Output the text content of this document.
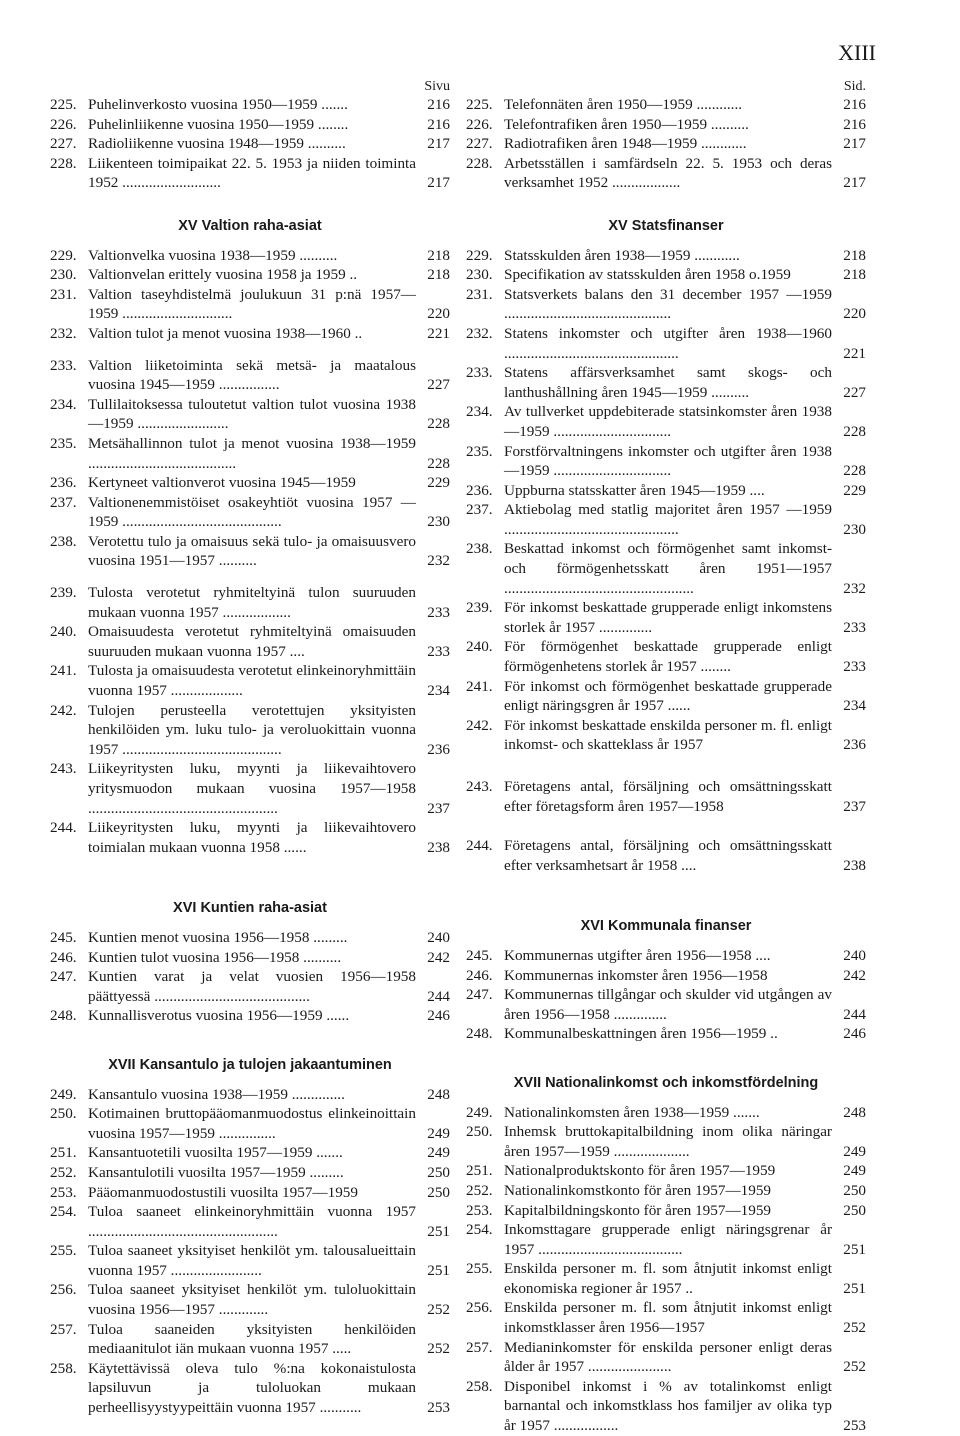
XIII
Sivu
225. Puhelinverkosto vuosina 1950—1959 .......	216
226. Puhelinliikenne vuosina 1950—1959 ........	216
227. Radioliikenne vuosina 1948—1959 ..........	217
228. Liikenteen toimipaikat 22. 5. 1953 ja niiden toiminta 1952 ..........................	217
XV Valtion raha-asiat
229. Valtionvelka vuosina 1938—1959 ..........	218
230. Valtionvelan erittely vuosina 1958 ja 1959 ..	218
231. Valtion taseyhdistelmä joulukuun 31 p:nä 1957—1959 .............................	220
232. Valtion tulot ja menot vuosina 1938—1960 ..	221
233. Valtion liiketoiminta sekä metsä- ja maatalous vuosina 1945—1959 ................	227
234. Tullilaitoksessa tuloutetut valtion tulot vuosina 1938—1959 ........................	228
235. Metsähallinnon tulot ja menot vuosina 1938—1959 .......................................	228
236. Kertyneet valtionverot vuosina 1945—1959	229
237. Valtionenemmistöiset osakeyhtiöt vuosina 1957 —1959 ..........................................	230
238. Verotettu tulo ja omaisuus sekä tulo- ja omaisuusvero vuosina 1951—1957 ..........	232
239. Tulosta verotetut ryhmiteltyinä tulon suuruuden mukaan vuonna 1957 ..................	233
240. Omaisuudesta verotetut ryhmiteltyinä omaisuuden suuruuden mukaan vuonna 1957 ....	233
241. Tulosta ja omaisuudesta verotetut elinkeinoryhmittäin vuonna 1957 ...................	234
242. Tulojen perusteella verotettujen yksityisten henkilöiden ym. luku tulo- ja veroluokittain vuonna 1957 ..........................................	236
243. Liikeyritysten luku, myynti ja liikevaihtovero yritysmuodon mukaan vuosina 1957—1958 ..................................................	237
244. Liikeyritysten luku, myynti ja liikevaihtovero toimialan mukaan vuonna 1958 ......	238
XVI Kuntien raha-asiat
245. Kuntien menot vuosina 1956—1958 .........	240
246. Kuntien tulot vuosina 1956—1958 ..........	242
247. Kuntien varat ja velat vuosien 1956—1958 päättyessä .........................................	244
248. Kunnallisverotus vuosina 1956—1959 ......	246
XVII Kansantulo ja tulojen jakaantuminen
249. Kansantulo vuosina 1938—1959 ..............	248
250. Kotimainen bruttopääomanmuodostus elinkeinoittain vuosina 1957—1959 ...............	249
251. Kansantuotetili vuosilta 1957—1959 .......	249
252. Kansantulotili vuosilta 1957—1959 .........	250
253. Pääomanmuodostustili vuosilta 1957—1959	250
254. Tuloa saaneet elinkeinoryhmittäin vuonna 1957 ..................................................	251
255. Tuloa saaneet yksityiset henkilöt ym. talousalueittain vuonna 1957 ........................	251
256. Tuloa saaneet yksityiset henkilöt ym. tuloluokittain vuosina 1956—1957 .............	252
257. Tuloa saaneiden yksityisten henkilöiden mediaanitulot iän mukaan vuonna 1957 .....	252
258. Käytettävissä oleva tulo %:na kokonaistulosta lapsiluvun ja tuloluokan mukaan perheellisyystyypeittäin vuonna 1957 ...........	253
Sid.
225. Telefonnäten åren 1950—1959 ............	216
226. Telefontrafiken åren 1950—1959 ..........	216
227. Radiotrafiken åren 1948—1959 ............	217
228. Arbetsställen i samfärdseln 22. 5. 1953 och deras verksamhet 1952 ..................	217
XV Statsfinanser
229. Statsskulden åren 1938—1959 ............	218
230. Specifikation av statsskulden åren 1958 o.1959	218
231. Statsverkets balans den 31 december 1957 —1959 ............................................	220
232. Statens inkomster och utgifter åren 1938—1960 ..............................................	221
233. Statens affärsverksamhet samt skogs- och lanthushållning åren 1945—1959 ..........	227
234. Av tullverket uppdebiterade statsinkomster åren 1938—1959 ...............................	228
235. Forstförvaltningens inkomster och utgifter åren 1938—1959 ...............................	228
236. Uppburna statsskatter åren 1945—1959 ....	229
237. Aktiebolag med statlig majoritet åren 1957 —1959 ..............................................	230
238. Beskattad inkomst och förmögenhet samt inkomst- och förmögenhetsskatt åren 1951—1957 ..................................................	232
239. För inkomst beskattade grupperade enligt inkomstens storlek år 1957 ..............	233
240. För förmögenhet beskattade grupperade enligt förmögenhetens storlek år 1957 ........	233
241. För inkomst och förmögenhet beskattade grupperade enligt näringsgren år 1957 ......	234
242. För inkomst beskattade enskilda personer m. fl. enligt inkomst- och skatteklass år 1957	236
243. Företagens antal, försäljning och omsättningsskatt efter företagsform åren 1957—1958	237
244. Företagens antal, försäljning och omsättningsskatt efter verksamhetsart år 1958 ....	238
XVI Kommunala finanser
245. Kommunernas utgifter åren 1956—1958 ....	240
246. Kommunernas inkomster åren 1956—1958	242
247. Kommunernas tillgångar och skulder vid utgången av åren 1956—1958 ..............	244
248. Kommunalbeskattningen åren 1956—1959 ..	246
XVII Nationalinkomst och inkomstfördelning
249. Nationalinkomsten åren 1938—1959 .......	248
250. Inhemsk bruttokapitalbildning inom olika näringar åren 1957—1959 ....................	249
251. Nationalproduktskonto för åren 1957—1959	249
252. Nationalinkomstkonto för åren 1957—1959	250
253. Kapitalbildningskonto för åren 1957—1959	250
254. Inkomsttagare grupperade enligt näringsgrenar år 1957 ......................................	251
255. Enskilda personer m. fl. som åtnjutit inkomst enligt ekonomiska regioner år 1957 ..	251
256. Enskilda personer m. fl. som åtnjutit inkomst enligt inkomstklasser åren 1956—1957	252
257. Medianinkomster för enskilda personer enligt deras ålder år 1957 ......................	252
258. Disponibel inkomst i % av totalinkomst enligt barnantal och inkomstklass hos familjer av olika typ år 1957 .................	253
